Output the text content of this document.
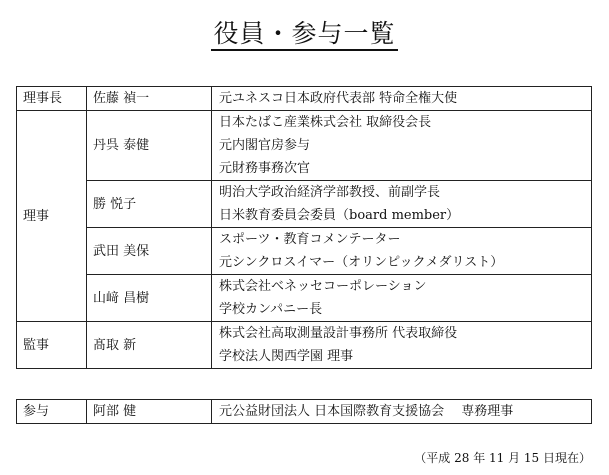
役員・参与一覧
理事長	佐藤 禎一	元ユネスコ日本政府代表部 特命全権大使

理事	丹呉 泰健	日本たばこ産業株式会社 取締役会長
元内閣官房参与
元財務事務次官

	勝 悦子	明治大学政治経済学部教授、前副学長
日米教育委員会委員（board member）

	武田 美保	スポーツ・教育コメンテーター
元シンクロスイマー（オリンピックメダリスト）

	山﨑 昌樹	株式会社ベネッセコーポレーション
学校カンパニー長

監事	髙取 新	株式会社高取測量設計事務所 代表取締役
学校法人関西学園 理事
参与	阿部 健	元公益財団法人 日本国際教育支援協会　 専務理事
（平成 28 年 11 月 15 日現在）
